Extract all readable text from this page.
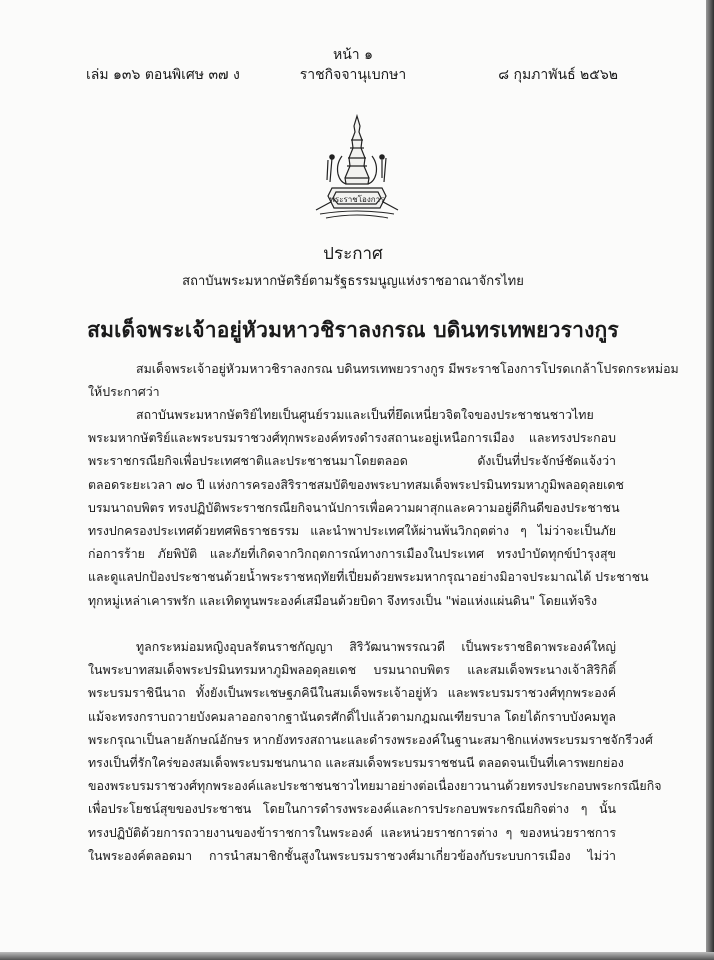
หน้า ๑
เล่ม ๑๓๖ ตอนพิเศษ ๓๗ ง	ราชกิจจานุเบกษา	๘ กุมภาพันธ์ ๒๕๖๒
พระราชโองการ
ประกาศ
สถาบันพระมหากษัตริย์ตามรัฐธรรมนูญแห่งราชอาณาจักรไทย
สมเด็จพระเจ้าอยู่หัวมหาวชิราลงกรณ บดินทรเทพยวรางกูร
สมเด็จพระเจ้าอยู่หัวมหาวชิราลงกรณ บดินทรเทพยวรางกูร มีพระราชโองการโปรดเกล้าโปรดกระหม่อม
ให้ประกาศว่า
สถาบันพระมหากษัตริย์ไทยเป็นศูนย์รวมและเป็นที่ยึดเหนี่ยวจิตใจของประชาชนชาวไทย
พระมหากษัตริย์และพระบรมราชวงศ์ทุกพระองค์ทรงดำรงสถานะอยู่เหนือการเมือง และทรงประกอบ
พระราชกรณียกิจเพื่อประเทศชาติและประชาชนมาโดยตลอด ดังเป็นที่ประจักษ์ชัดแจ้งว่า
ตลอดระยะเวลา ๗๐ ปี แห่งการครองสิริราชสมบัติของพระบาทสมเด็จพระปรมินทรมหาภูมิพลอดุลยเดช
บรมนาถบพิตร ทรงปฏิบัติพระราชกรณียกิจนานัปการเพื่อความผาสุกและความอยู่ดีกินดีของประชาชน
ทรงปกครองประเทศด้วยทศพิธราชธรรม และนำพาประเทศให้ผ่านพ้นวิกฤตต่าง ๆ ไม่ว่าจะเป็นภัย
ก่อการร้าย ภัยพิบัติ และภัยที่เกิดจากวิกฤตการณ์ทางการเมืองในประเทศ ทรงบำบัดทุกข์บำรุงสุข
และดูแลปกป้องประชาชนด้วยน้ำพระราชหฤทัยที่เปี่ยมด้วยพระมหากรุณาอย่างมิอาจประมาณได้ ประชาชน
ทุกหมู่เหล่าเคารพรัก และเทิดทูนพระองค์เสมือนด้วยบิดา จึงทรงเป็น "พ่อแห่งแผ่นดิน" โดยแท้จริง
ทูลกระหม่อมหญิงอุบลรัตนราชกัญญา สิริวัฒนาพรรณวดี เป็นพระราชธิดาพระองค์ใหญ่
ในพระบาทสมเด็จพระปรมินทรมหาภูมิพลอดุลยเดช บรมนาถบพิตร และสมเด็จพระนางเจ้าสิริกิติ์
พระบรมราชินีนาถ ทั้งยังเป็นพระเชษฐภคินีในสมเด็จพระเจ้าอยู่หัว และพระบรมราชวงศ์ทุกพระองค์
แม้จะทรงกราบถวายบังคมลาออกจากฐานันดรศักดิ์ไปแล้วตามกฎมณเฑียรบาล โดยได้กราบบังคมทูล
พระกรุณาเป็นลายลักษณ์อักษร หากยังทรงสถานะและดำรงพระองค์ในฐานะสมาชิกแห่งพระบรมราชจักรีวงศ์
ทรงเป็นที่รักใคร่ของสมเด็จพระบรมชนกนาถ และสมเด็จพระบรมราชชนนี ตลอดจนเป็นที่เคารพยกย่อง
ของพระบรมราชวงศ์ทุกพระองค์และประชาชนชาวไทยมาอย่างต่อเนื่องยาวนานด้วยทรงประกอบพระกรณียกิจ
เพื่อประโยชน์สุขของประชาชน โดยในการดำรงพระองค์และการประกอบพระกรณียกิจต่าง ๆ นั้น
ทรงปฏิบัติด้วยการถวายงานของข้าราชการในพระองค์ และหน่วยราชการต่าง ๆ ของหน่วยราชการ
ในพระองค์ตลอดมา การนำสมาชิกชั้นสูงในพระบรมราชวงศ์มาเกี่ยวข้องกับระบบการเมือง ไม่ว่า
